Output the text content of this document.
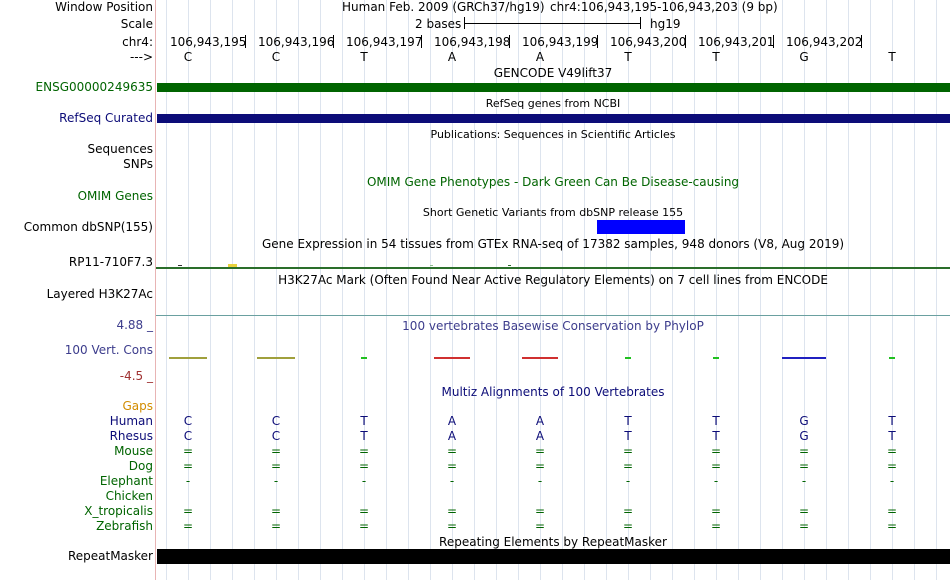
Window Position	Human Feb. 2009 (GRCh37/hg19) chr4:106,943,195-106,943,203 (9 bp)
Scale	2 bases	hg19
chr4: 106,943,195 106,943,196 106,943,197 106,943,198 106,943,199 106,943,200 106,943,201 106,943,202
--->	C	C	T	A	A	T	T	G	T
GENCODE V49lift37
ENSG00000249635
RefSeq genes from NCBI
RefSeq Curated
Publications: Sequences in Scientific Articles
Sequences
SNPs
OMIM Gene Phenotypes - Dark Green Can Be Disease-causing
OMIM Genes
Short Genetic Variants from dbSNP release 155
Common dbSNP(155)
Gene Expression in 54 tissues from GTEx RNA-seq of 17382 samples, 948 donors (V8, Aug 2019)
RP11-710F7.3
H3K27Ac Mark (Often Found Near Active Regulatory Elements) on 7 cell lines from ENCODE
Layered H3K27Ac
100 vertebrates Basewise Conservation by PhyloP
4.88 _
100 Vert. Cons
-4.5 _
Multiz Alignments of 100 Vertebrates
Gaps
Human	C	C	T	A	A	T	T	G	T
Rhesus	C	C	T	A	A	T	T	G	T
Mouse	=	=	=	=	=	=	=	=	=
Dog	=	=	=	=	=	=	=	=	=
Elephant	-	-	-	-	-	-	-	-	-
Chicken
X_tropicalis	=	=	=	=	=	=	=	=	=
Zebrafish	=	=	=	=	=	=	=	=	=
Repeating Elements by RepeatMasker
RepeatMasker
